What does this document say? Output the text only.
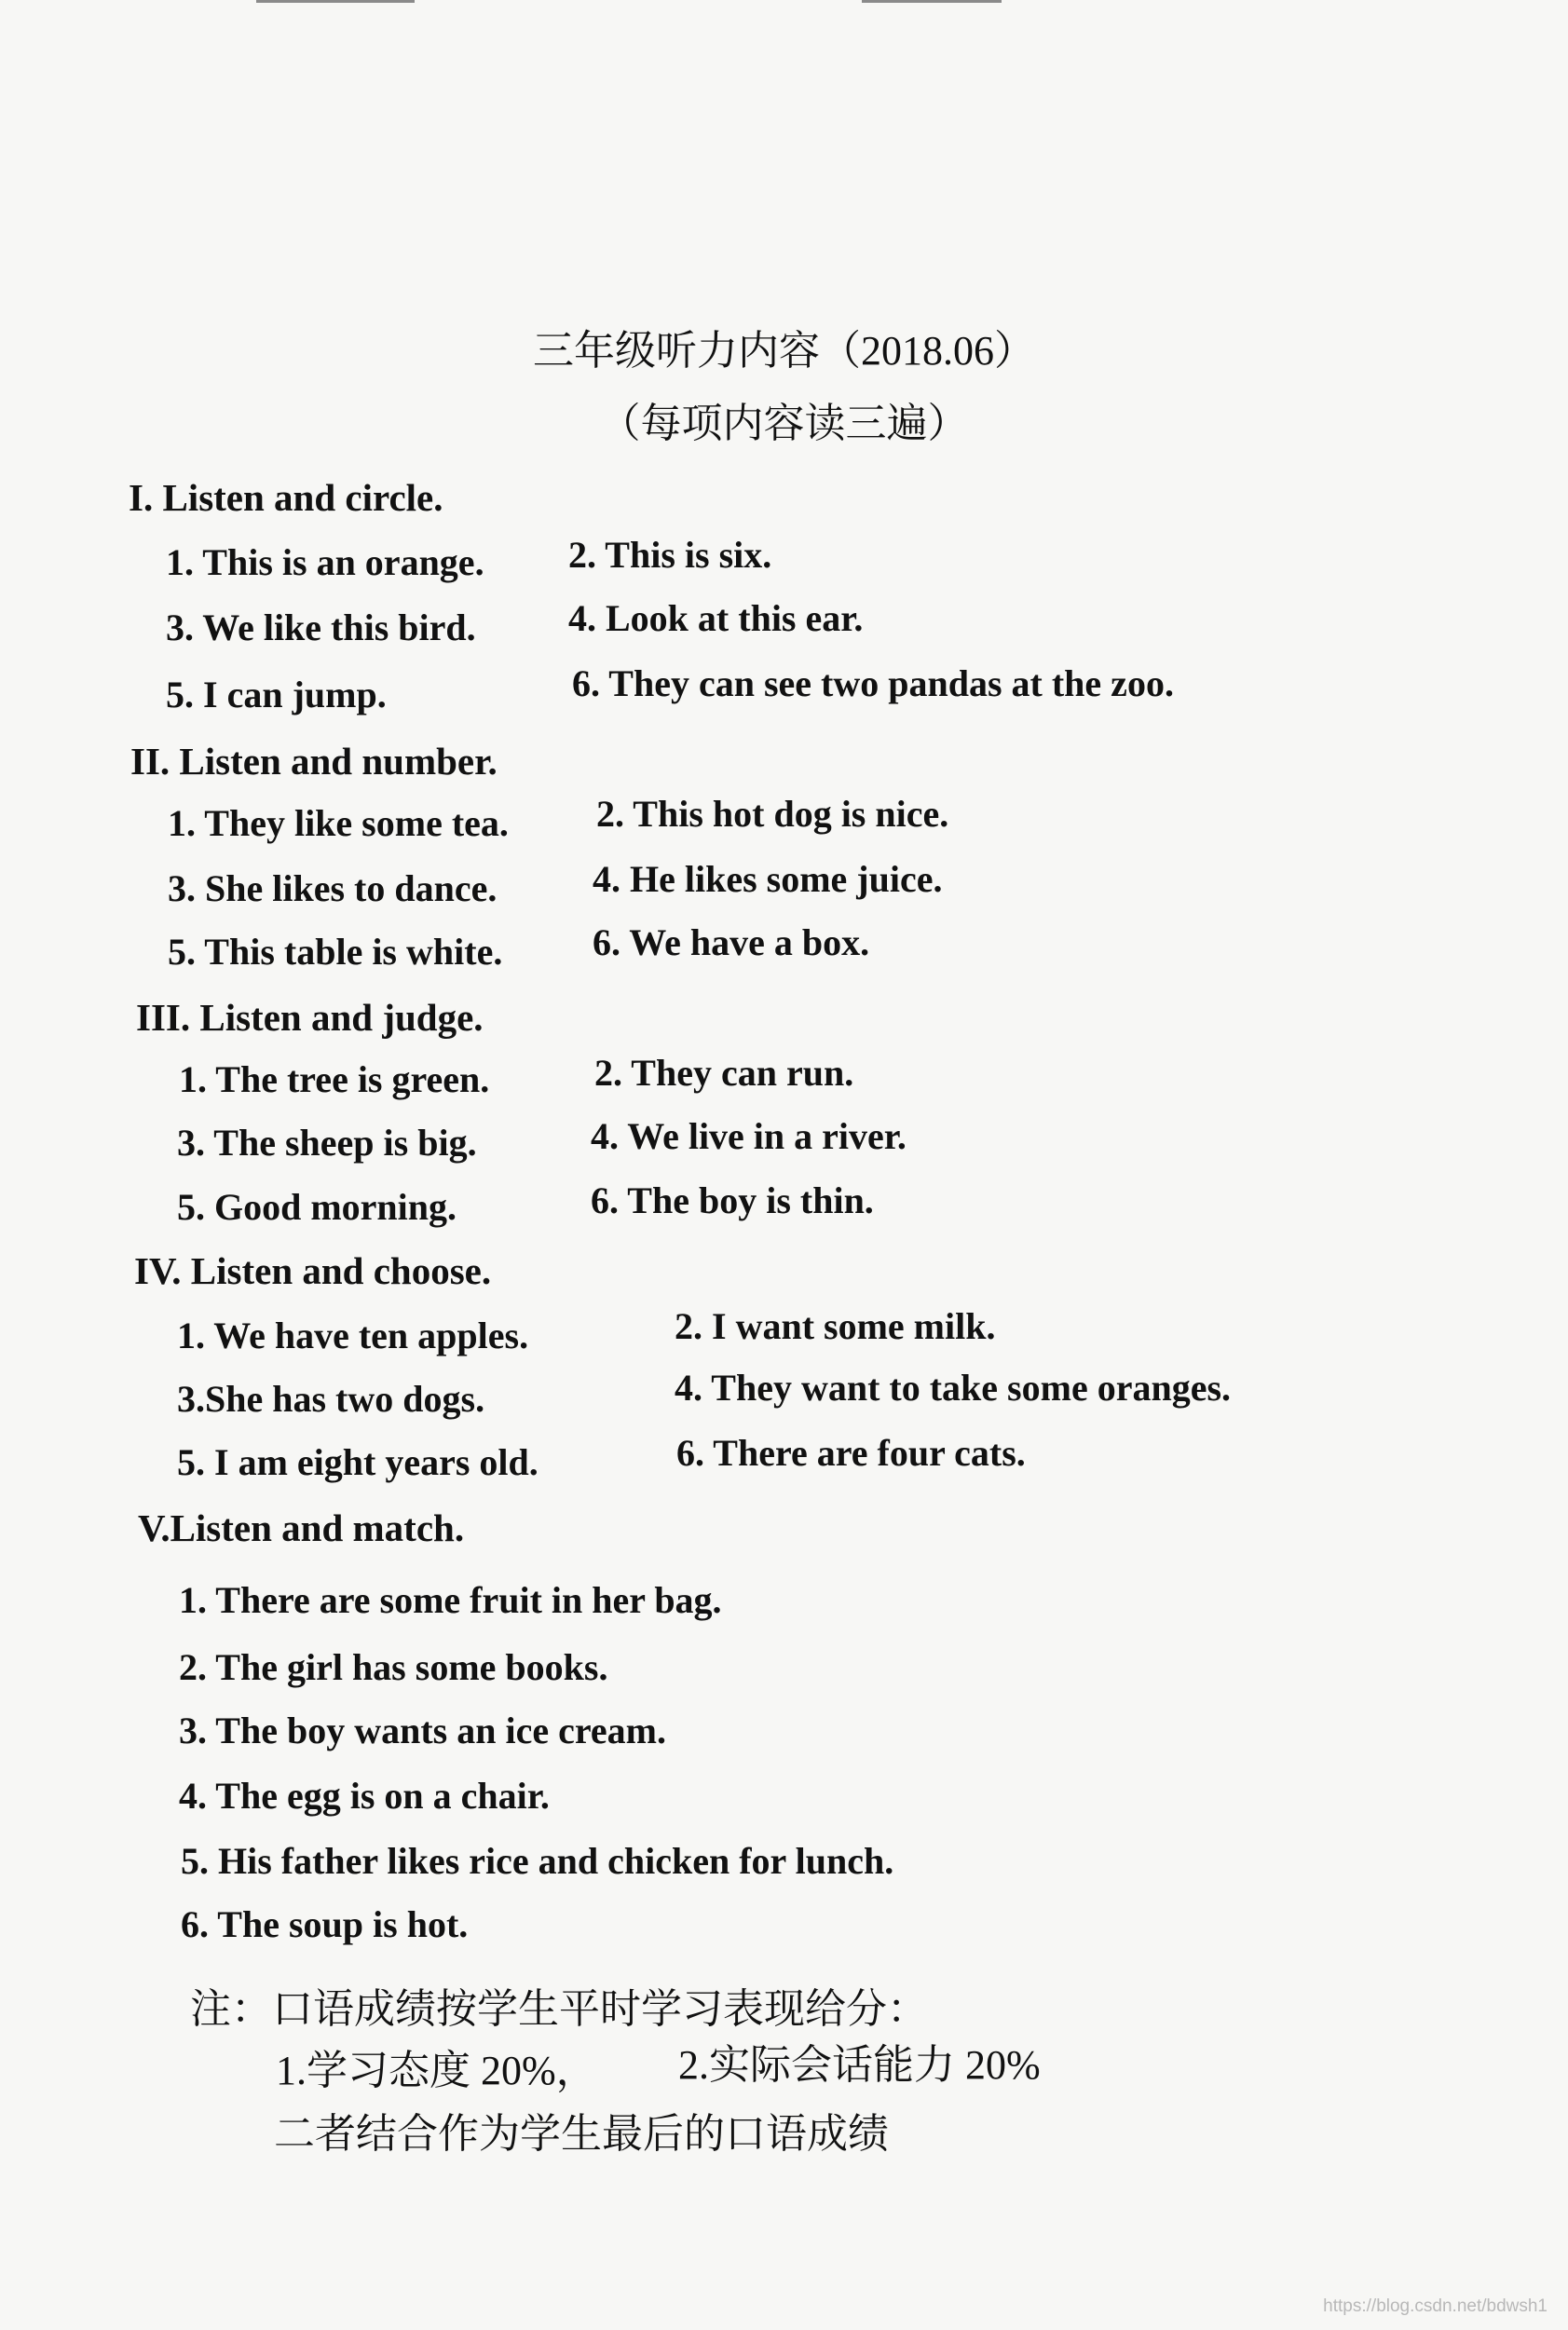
三年级听力内容（2018.06）
（每项内容读三遍）
I. Listen and circle.
1. This is an orange. 2. This is six.
3. We like this bird. 4. Look at this ear.
5. I can jump.	6. They can see two pandas at the zoo.
II. Listen and number.
1. They like some tea. 2. This hot dog is nice.
3. She likes to dance.	4. He likes some juice.
5. This table is white. 6. We have a box.
III. Listen and judge.
1. The tree is green.	2. They can run.
3. The sheep is big.	4. We live in a river.
5. Good morning.	6. The boy is thin.
IV. Listen and choose.
1. We have ten apples.	2. I want some milk.
3.She has two dogs.	4. They want to take some oranges.
5. I am eight years old.	6. There are four cats.
V.Listen and match.
1. There are some fruit in her bag.
2. The girl has some books.
3. The boy wants an ice cream.
4. The egg is on a chair.
5. His father likes rice and chicken for lunch.
6. The soup is hot.
注：口语成绩按学生平时学习表现给分：
1.学习态度 20%， 2.实际会话能力 20%
二者结合作为学生最后的口语成绩
https://blog.csdn.net/bdwsh1
